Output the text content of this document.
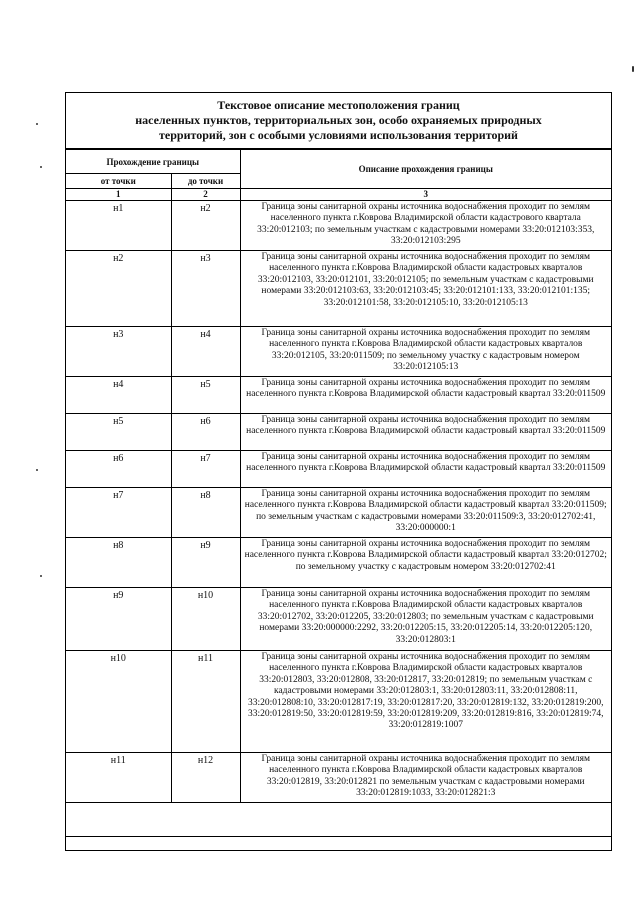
Текстовое описание местоположения границ
населенных пунктов, территориальных зон, особо охраняемых природных
территорий, зон с особыми условиями использования территорий
Прохождение границы		Описание прохождения границы
от точки	до точки	
1	2	3
н1	н2	Граница зоны санитарной охраны источника водоснабжения проходит по землям населенного пункта г.Коврова Владимирской области кадастрового квартала 33:20:012103; по земельным участкам с кадастровыми номерами 33:20:012103:353, 33:20:012103:295
н2	н3	Граница зоны санитарной охраны источника водоснабжения проходит по землям населенного пункта г.Коврова Владимирской области кадастровых кварталов 33:20:012103, 33:20:012101, 33:20:012105; по земельным участкам с кадастровыми номерами 33:20:012103:63, 33:20:012103:45; 33:20:012101:133, 33:20:012101:135; 33:20:012101:58, 33:20:012105:10, 33:20:012105:13
н3	н4	Граница зоны санитарной охраны источника водоснабжения проходит по землям населенного пункта г.Коврова Владимирской области кадастровых кварталов 33:20:012105, 33:20:011509; по земельному участку с кадастровым номером 33:20:012105:13
н4	н5	Граница зоны санитарной охраны источника водоснабжения проходит по землям населенного пункта г.Коврова Владимирской области кадастровый квартал 33:20:011509
н5	н6	Граница зоны санитарной охраны источника водоснабжения проходит по землям населенного пункта г.Коврова Владимирской области кадастровый квартал 33:20:011509
н6	н7	Граница зоны санитарной охраны источника водоснабжения проходит по землям населенного пункта г.Коврова Владимирской области кадастровый квартал 33:20:011509
н7	н8	Граница зоны санитарной охраны источника водоснабжения проходит по землям населенного пункта г.Коврова Владимирской области кадастровый квартал 33:20:011509; по земельным участкам с кадастровыми номерами 33:20:011509:3, 33:20:012702:41, 33:20:000000:1
н8	н9	Граница зоны санитарной охраны источника водоснабжения проходит по землям населенного пункта г.Коврова Владимирской области кадастровый квартал 33:20:012702; по земельному участку с кадастровым номером 33:20:012702:41
н9	н10	Граница зоны санитарной охраны источника водоснабжения проходит по землям населенного пункта г.Коврова Владимирской области кадастровых кварталов 33:20:012702, 33:20:012205, 33:20:012803; по земельным участкам с кадастровыми номерами 33:20:000000:2292, 33:20:012205:15, 33:20:012205:14, 33:20:012205:120, 33:20:012803:1
н10	н11	Граница зоны санитарной охраны источника водоснабжения проходит по землям населенного пункта г.Коврова Владимирской области кадастровых кварталов 33:20:012803, 33:20:012808, 33:20:012817, 33:20:012819; по земельным участкам с кадастровыми номерами 33:20:012803:1, 33:20:012803:11, 33:20:012808:11, 33:20:012808:10, 33:20:012817:19, 33:20:012817:20, 33:20:012819:132, 33:20:012819:200, 33:20:012819:50, 33:20:012819:59, 33:20:012819:209, 33:20:012819:816, 33:20:012819:74, 33:20:012819:1007
н11	н12	Граница зоны санитарной охраны источника водоснабжения проходит по землям населенного пункта г.Коврова Владимирской области кадастровых кварталов 33:20:012819, 33:20:012821 по земельным участкам с кадастровыми номерами 33:20:012819:1033, 33:20:012821:3
